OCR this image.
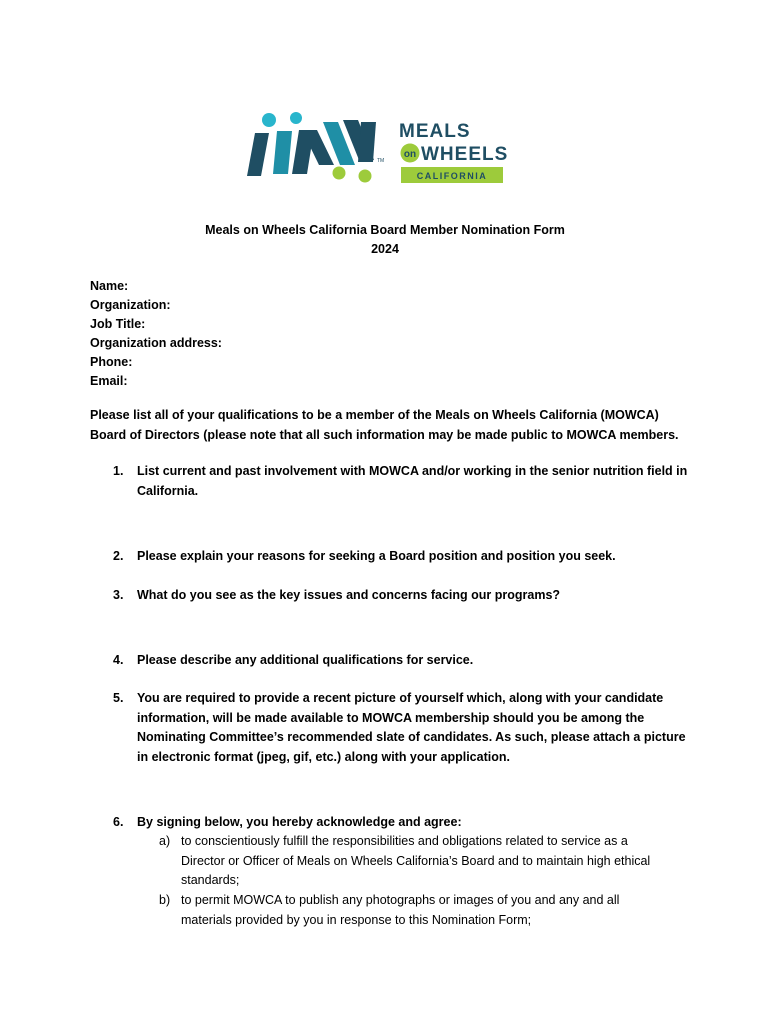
TM
MEALS
on WHEELS
CALIFORNIA
Meals on Wheels California Board Member Nomination Form
2024
Name:
Organization:
Job Title:
Organization address:
Phone:
Email:
Please list all of your qualifications to be a member of the Meals on Wheels California (MOWCA) Board of Directors (please note that all such information may be made public to MOWCA members.
1. List current and past involvement with MOWCA and/or working in the senior nutrition field in California.
2. Please explain your reasons for seeking a Board position and position you seek.
3. What do you see as the key issues and concerns facing our programs?
4. Please describe any additional qualifications for service.
5. You are required to provide a recent picture of yourself which, along with your candidate information, will be made available to MOWCA membership should you be among the Nominating Committee’s recommended slate of candidates. As such, please attach a picture in electronic format (jpeg, gif, etc.) along with your application.
6. By signing below, you hereby acknowledge and agree:
a) to conscientiously fulfill the responsibilities and obligations related to service as a Director or Officer of Meals on Wheels California’s Board and to maintain high ethical standards;
b) to permit MOWCA to publish any photographs or images of you and any and all materials provided by you in response to this Nomination Form;
